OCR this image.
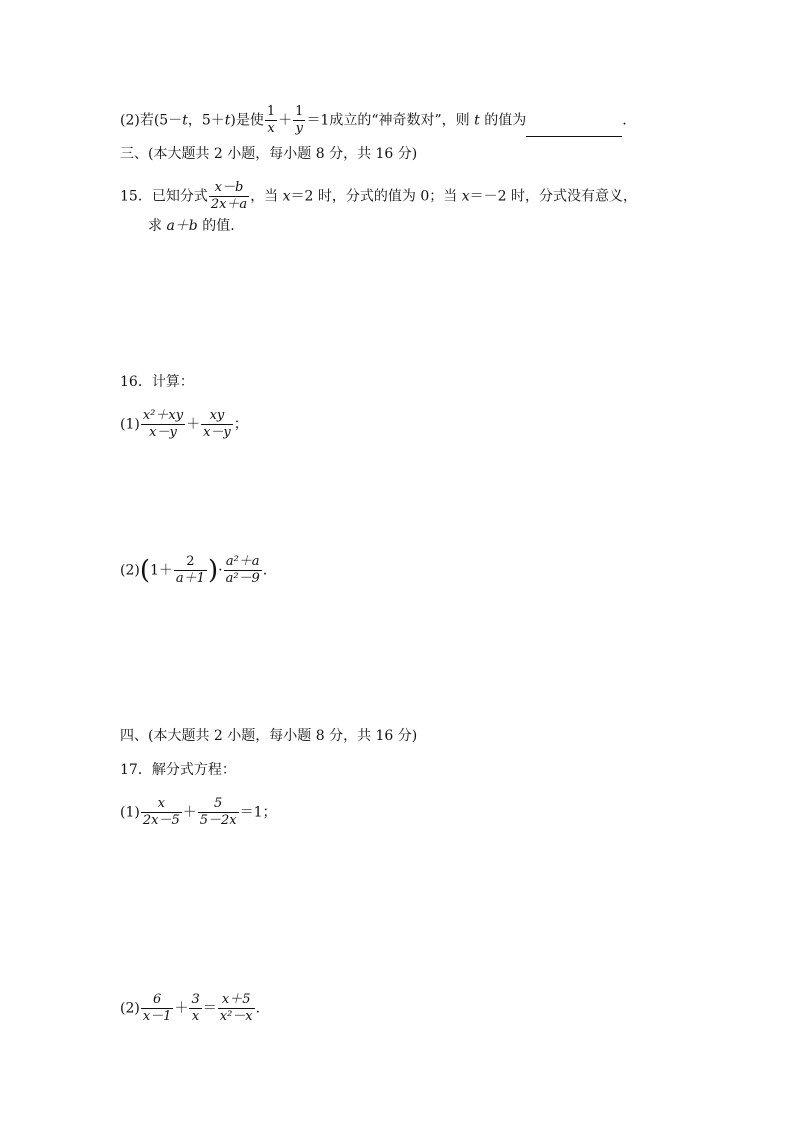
(2)若(5－t，5＋t)是使 $\frac{1}{x} + \frac{1}{y} =1$成立的“神奇数对”，则 t 的值为	.
三、(本大题共 2 小题，每小题 8 分，共 16 分)
15．已知分式 $\frac{x-b}{2x+a}$ ，当 x＝2 时，分式的值为 0；当 x＝－2 时，分式没有意义，
求 a＋b 的值.
16．计算：
$(1) \frac{\text{x²＋xy}}{x-y} + \frac{xy}{x-y}$ ；
$(2)(1+ \frac{2}{a+1}$ )· $\frac{\text{a²＋a}}{\text{a²－9}}$ .
四、(本大题共 2 小题，每小题 8 分，共 16 分)
17．解分式方程：
$(1) \frac{x}{2x-5} + \frac{5}{5-2x} =1$；
$(2) \frac{6}{x-1} + \frac{3}{x} = \frac{x+5}{\text{x²－x}}$ .
